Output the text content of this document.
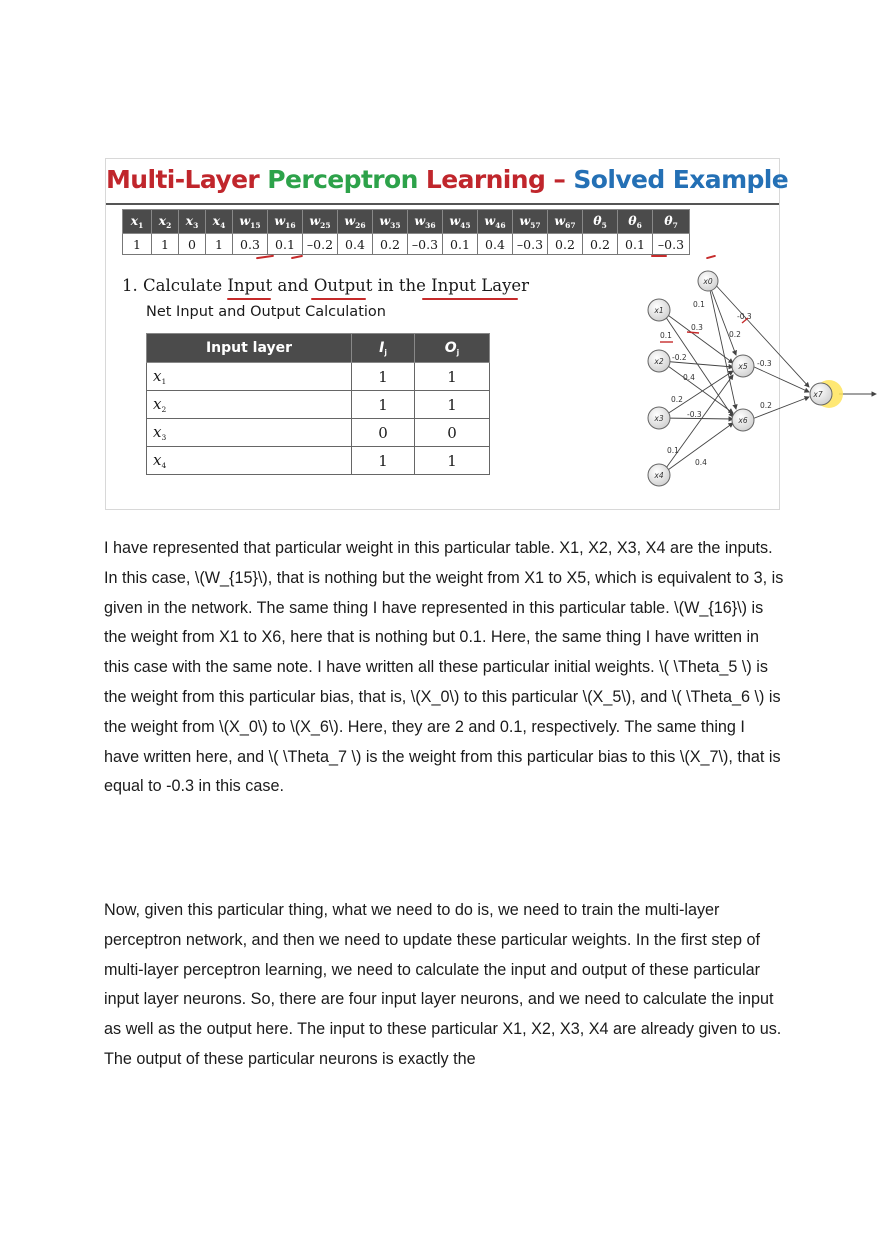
Multi-Layer Perceptron Learning – Solved Example
$x_1$	$x_2$	$x_3$	$x_4$	$w_{15}$	$w_{16}$	$w_{25}$	$w_{26}$	$w_{35}$	$w_{36}$	$w_{45}$	$w_{46}$	$w_{57}$	$w_{67}$	$\theta_5$	$\theta_6$	$\theta_7$
1	1	0	1	0.3	0.1	–0.2	0.4	0.2	–0.3	0.1	0.4	–0.3	0.2	0.2	0.1	–0.3
1. Calculate Input and Output in the Input Layer
Net Input and Output Calculation
Input layer	$I_j$	$O_j$
$x_1$	1	1
$x_2$	1	1
$x_3$	0	0
$x_4$	1	1
x0
x1
x2
x3
x4
x5
x6
x7
0.1
0.3
0.2
-0.3
0.1
-0.2
0.4
0.2
-0.3
0.1
0.4
-0.3
0.2

I have represented that particular weight in this particular table. X1, X2, X3, X4 are the inputs. In this case, \(W_{15}\), that is nothing but the weight from X1 to X5, which is equivalent to 3, is given in the network. The same thing I have represented in this particular table. \(W_{16}\) is the weight from X1 to X6, here that is nothing but 0.1. Here, the same thing I have written in this case with the same note. I have written all these particular initial weights. \( \Theta_5 \) is the weight from this particular bias, that is, \(X_0\) to this particular \(X_5\), and \( \Theta_6 \) is the weight from \(X_0\) to \(X_6\). Here, they are 2 and 0.1, respectively. The same thing I have written here, and \( \Theta_7 \) is the weight from this particular bias to this \(X_7\), that is equal to -0.3 in this case.

Now, given this particular thing, what we need to do is, we need to train the multi-layer perceptron network, and then we need to update these particular weights. In the first step of multi-layer perceptron learning, we need to calculate the input and output of these particular input layer neurons. So, there are four input layer neurons, and we need to calculate the input as well as the output here. The input to these particular X1, X2, X3, X4 are already given to us. The output of these particular neurons is exactly the
